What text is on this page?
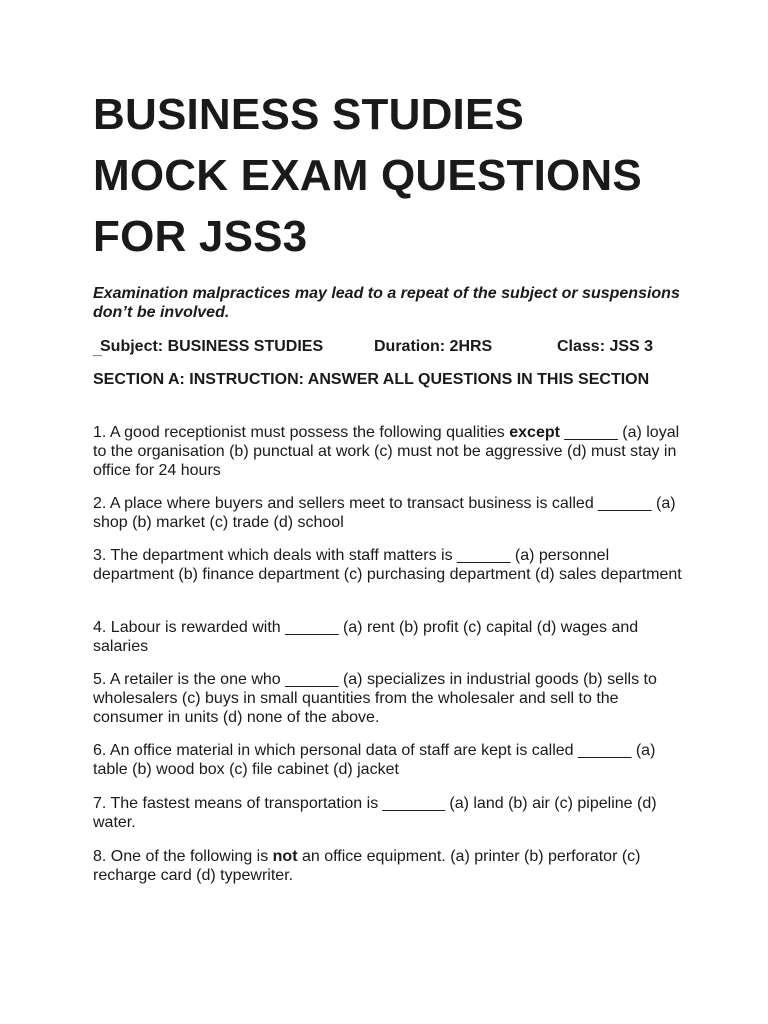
BUSINESS STUDIES
MOCK EXAM QUESTIONS
FOR JSS3

Examination malpractices may lead to a repeat of the subject or suspensions don’t be involved.

_
Subject: BUSINESS STUDIES	Duration: 2HRS	Class: JSS 3

SECTION A: INSTRUCTION: ANSWER ALL QUESTIONS IN THIS SECTION

1. A good receptionist must possess the following qualities except ______ (a) loyal to the organisation (b) punctual at work (c) must not be aggressive (d) must stay in office for 24 hours
2. A place where buyers and sellers meet to transact business is called ______ (a) shop (b) market (c) trade (d) school
3. The department which deals with staff matters is ______ (a) personnel department (b) finance department (c) purchasing department (d) sales department
4. Labour is rewarded with ______ (a) rent (b) profit (c) capital (d) wages and salaries
5. A retailer is the one who ______ (a) specializes in industrial goods (b) sells to wholesalers (c) buys in small quantities from the wholesaler and sell to the consumer in units (d) none of the above.
6. An office material in which personal data of staff are kept is called ______ (a) table (b) wood box (c) file cabinet (d) jacket
7. The fastest means of transportation is _______ (a) land (b) air (c) pipeline (d) water.
8. One of the following is not an office equipment. (a) printer (b) perforator (c) recharge card (d) typewriter.
